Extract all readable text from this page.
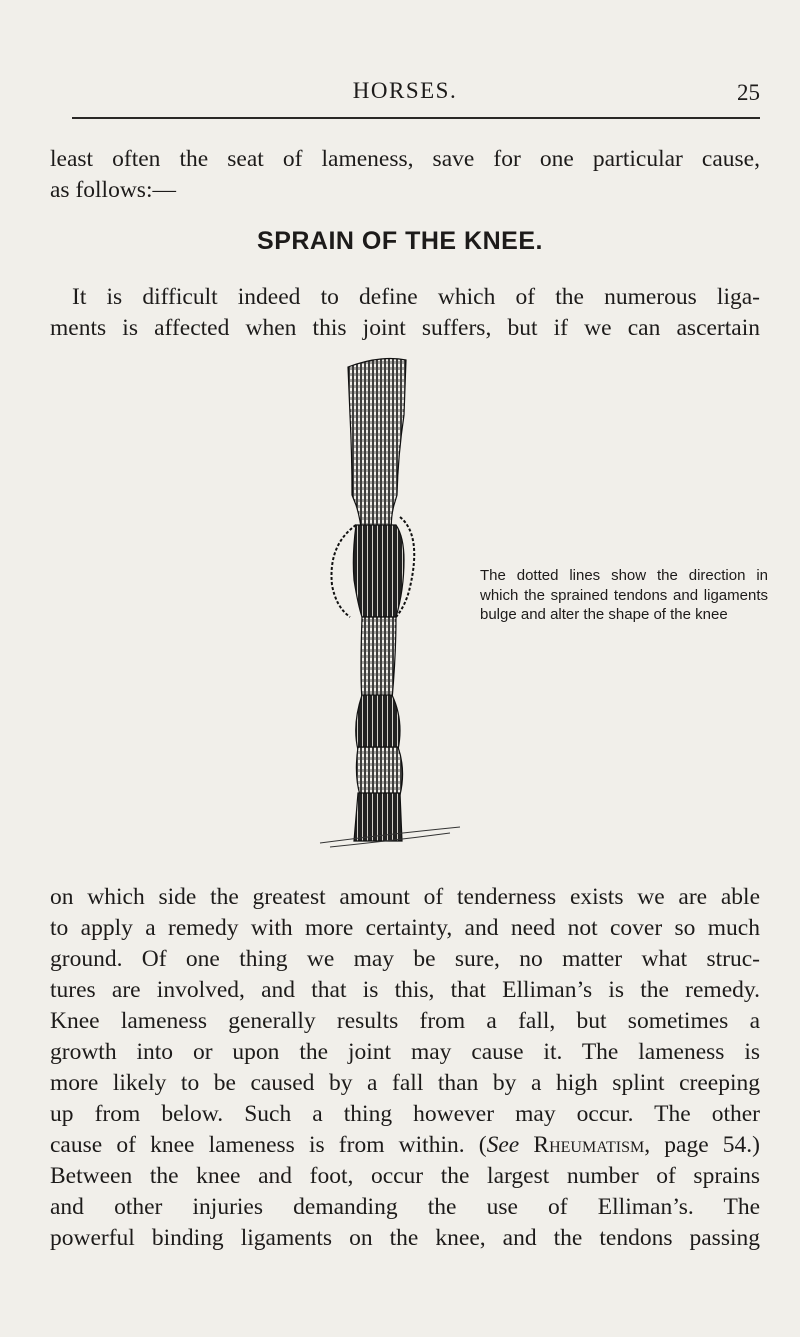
HORSES.	25

least often the seat of lameness, save for one particular cause,

as follows:—

SPRAIN OF THE KNEE.

It is difficult indeed to define which of the numerous liga-

ments is affected when this joint suffers, but if we can ascertain

The dotted lines show the direction in which the sprained tendons and ligaments bulge and alter the shape of the knee

on which side the greatest amount of tenderness exists we are able

to apply a remedy with more certainty, and need not cover so much

ground. Of one thing we may be sure, no matter what struc-

tures are involved, and that is this, that Elliman’s is the remedy.

Knee lameness generally results from a fall, but sometimes a

growth into or upon the joint may cause it. The lameness is

more likely to be caused by a fall than by a high splint creeping

up from below. Such a thing however may occur. The other

cause of knee lameness is from within. (See Rheumatism, page 54.)

Between the knee and foot, occur the largest number of sprains

and other injuries demanding the use of Elliman’s. The

powerful binding ligaments on the knee, and the tendons passing
